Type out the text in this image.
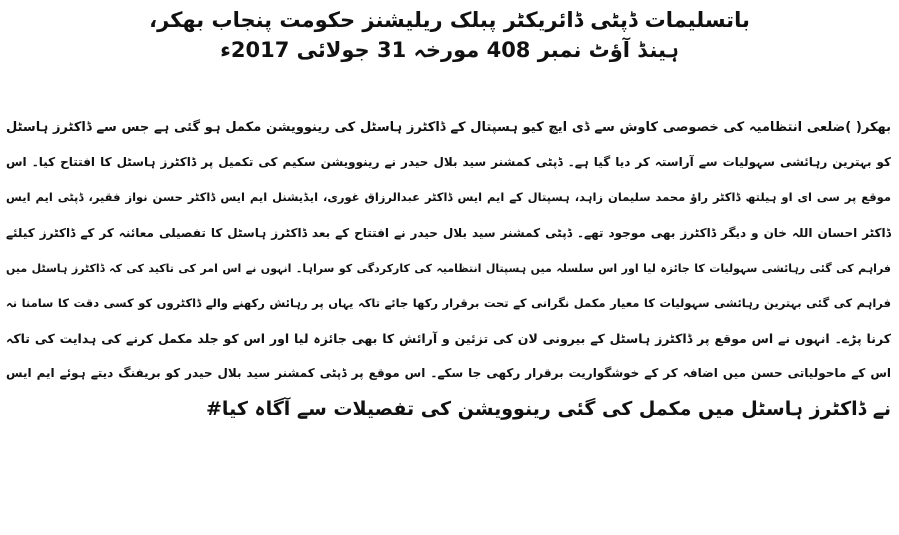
باتسلیمات ڈپٹی ڈائریکٹر پبلک ریلیشنز حکومت پنجاب بھکر،
ہینڈ آؤٹ نمبر 408 مورخہ 31 جولائی 2017ء
بھکر( )ضلعی انتظامیہ کی خصوصی کاوش سے ڈی ایچ کیو ہسپتال کے ڈاکٹرز ہاسٹل کی رینوویشن مکمل ہو گئی ہے جس سے ڈاکٹرز ہاسٹل
کو بہترین رہائشی سہولیات سے آراستہ کر دیا گیا ہے۔ ڈپٹی کمشنر سید بلال حیدر نے رینوویشن سکیم کی تکمیل پر ڈاکٹرز ہاسٹل کا افتتاح کیا۔ اس
موقع پر سی ای او ہیلتھ ڈاکٹر راؤ محمد سلیمان زاہد، ہسپتال کے ایم ایس ڈاکٹر عبدالرزاق غوری، ایڈیشنل ایم ایس ڈاکٹر حسن نواز فقیر، ڈپٹی ایم ایس
ڈاکٹر احسان اللہ خان و دیگر ڈاکٹرز بھی موجود تھے۔ ڈپٹی کمشنر سید بلال حیدر نے افتتاح کے بعد ڈاکٹرز ہاسٹل کا تفصیلی معائنہ کر کے ڈاکٹرز کیلئے
فراہم کی گئی رہائشی سہولیات کا جائزہ لیا اور اس سلسلہ میں ہسپتال انتظامیہ کی کارکردگی کو سراہا۔ انہوں نے اس امر کی تاکید کی کہ ڈاکٹرز ہاسٹل میں
فراہم کی گئی بہترین رہائشی سہولیات کا معیار مکمل نگرانی کے تحت برقرار رکھا جائے تاکہ یہاں پر رہائش رکھنے والے ڈاکٹروں کو کسی دقت کا سامنا نہ
کرنا پڑے۔ انہوں نے اس موقع پر ڈاکٹرز ہاسٹل کے بیرونی لان کی تزئین و آرائش کا بھی جائزہ لیا اور اس کو جلد مکمل کرنے کی ہدایت کی تاکہ
اس کے ماحولیاتی حسن میں اضافہ کر کے خوشگواریت برقرار رکھی جا سکے۔ اس موقع پر ڈپٹی کمشنر سید بلال حیدر کو بریفنگ دیتے ہوئے ایم ایس
نے ڈاکٹرز ہاسٹل میں مکمل کی گئی رینوویشن کی تفصیلات سے آگاہ کیا#
